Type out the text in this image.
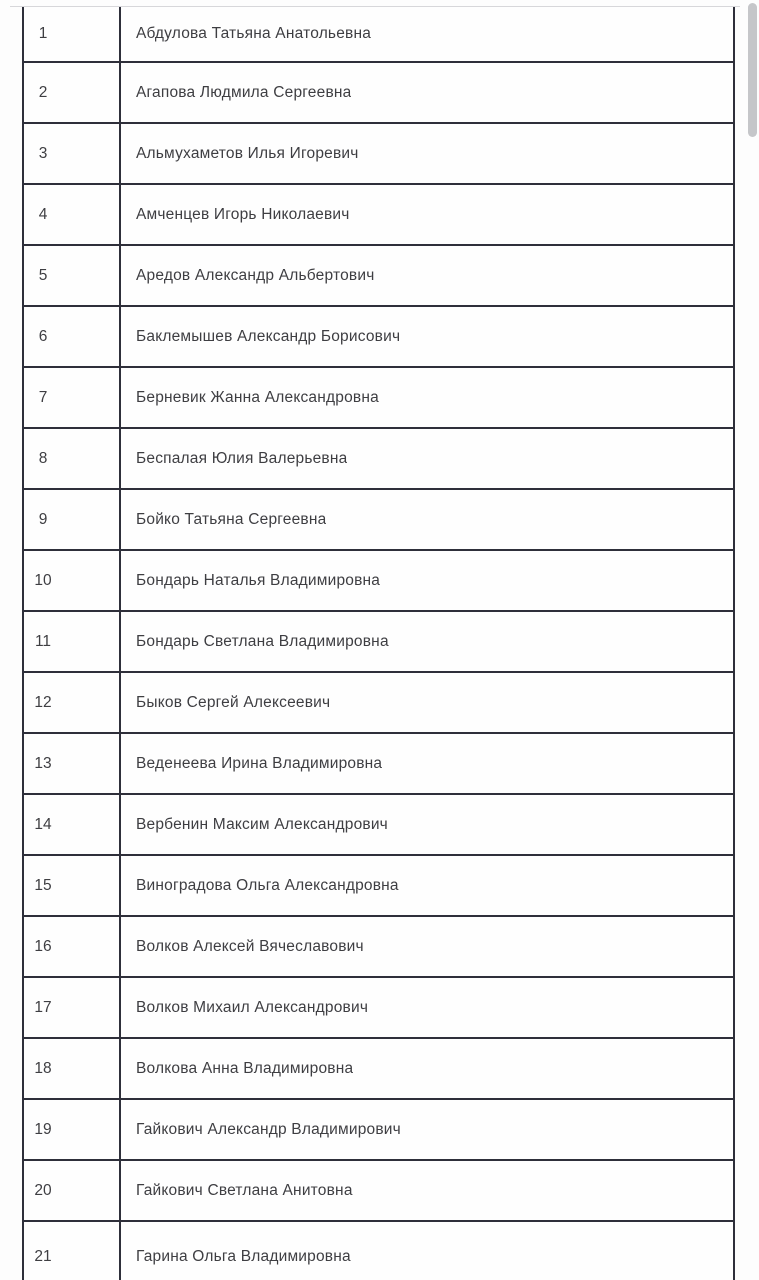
1	Абдулова Татьяна Анатольевна
2	Агапова Людмила Сергеевна
3	Альмухаметов Илья Игоревич
4	Амченцев Игорь Николаевич
5	Аредов Александр Альбертович
6	Баклемышев Александр Борисович
7	Берневик Жанна Александровна
8	Беспалая Юлия Валерьевна
9	Бойко Татьяна Сергеевна
10	Бондарь Наталья Владимировна
11	Бондарь Светлана Владимировна
12	Быков Сергей Алексеевич
13	Веденеева Ирина Владимировна
14	Вербенин Максим Александрович
15	Виноградова Ольга Александровна
16	Волков Алексей Вячеславович
17	Волков Михаил Александрович
18	Волкова Анна Владимировна
19	Гайкович Александр Владимирович
20	Гайкович Светлана Анитовна
21	Гарина Ольга Владимировна
